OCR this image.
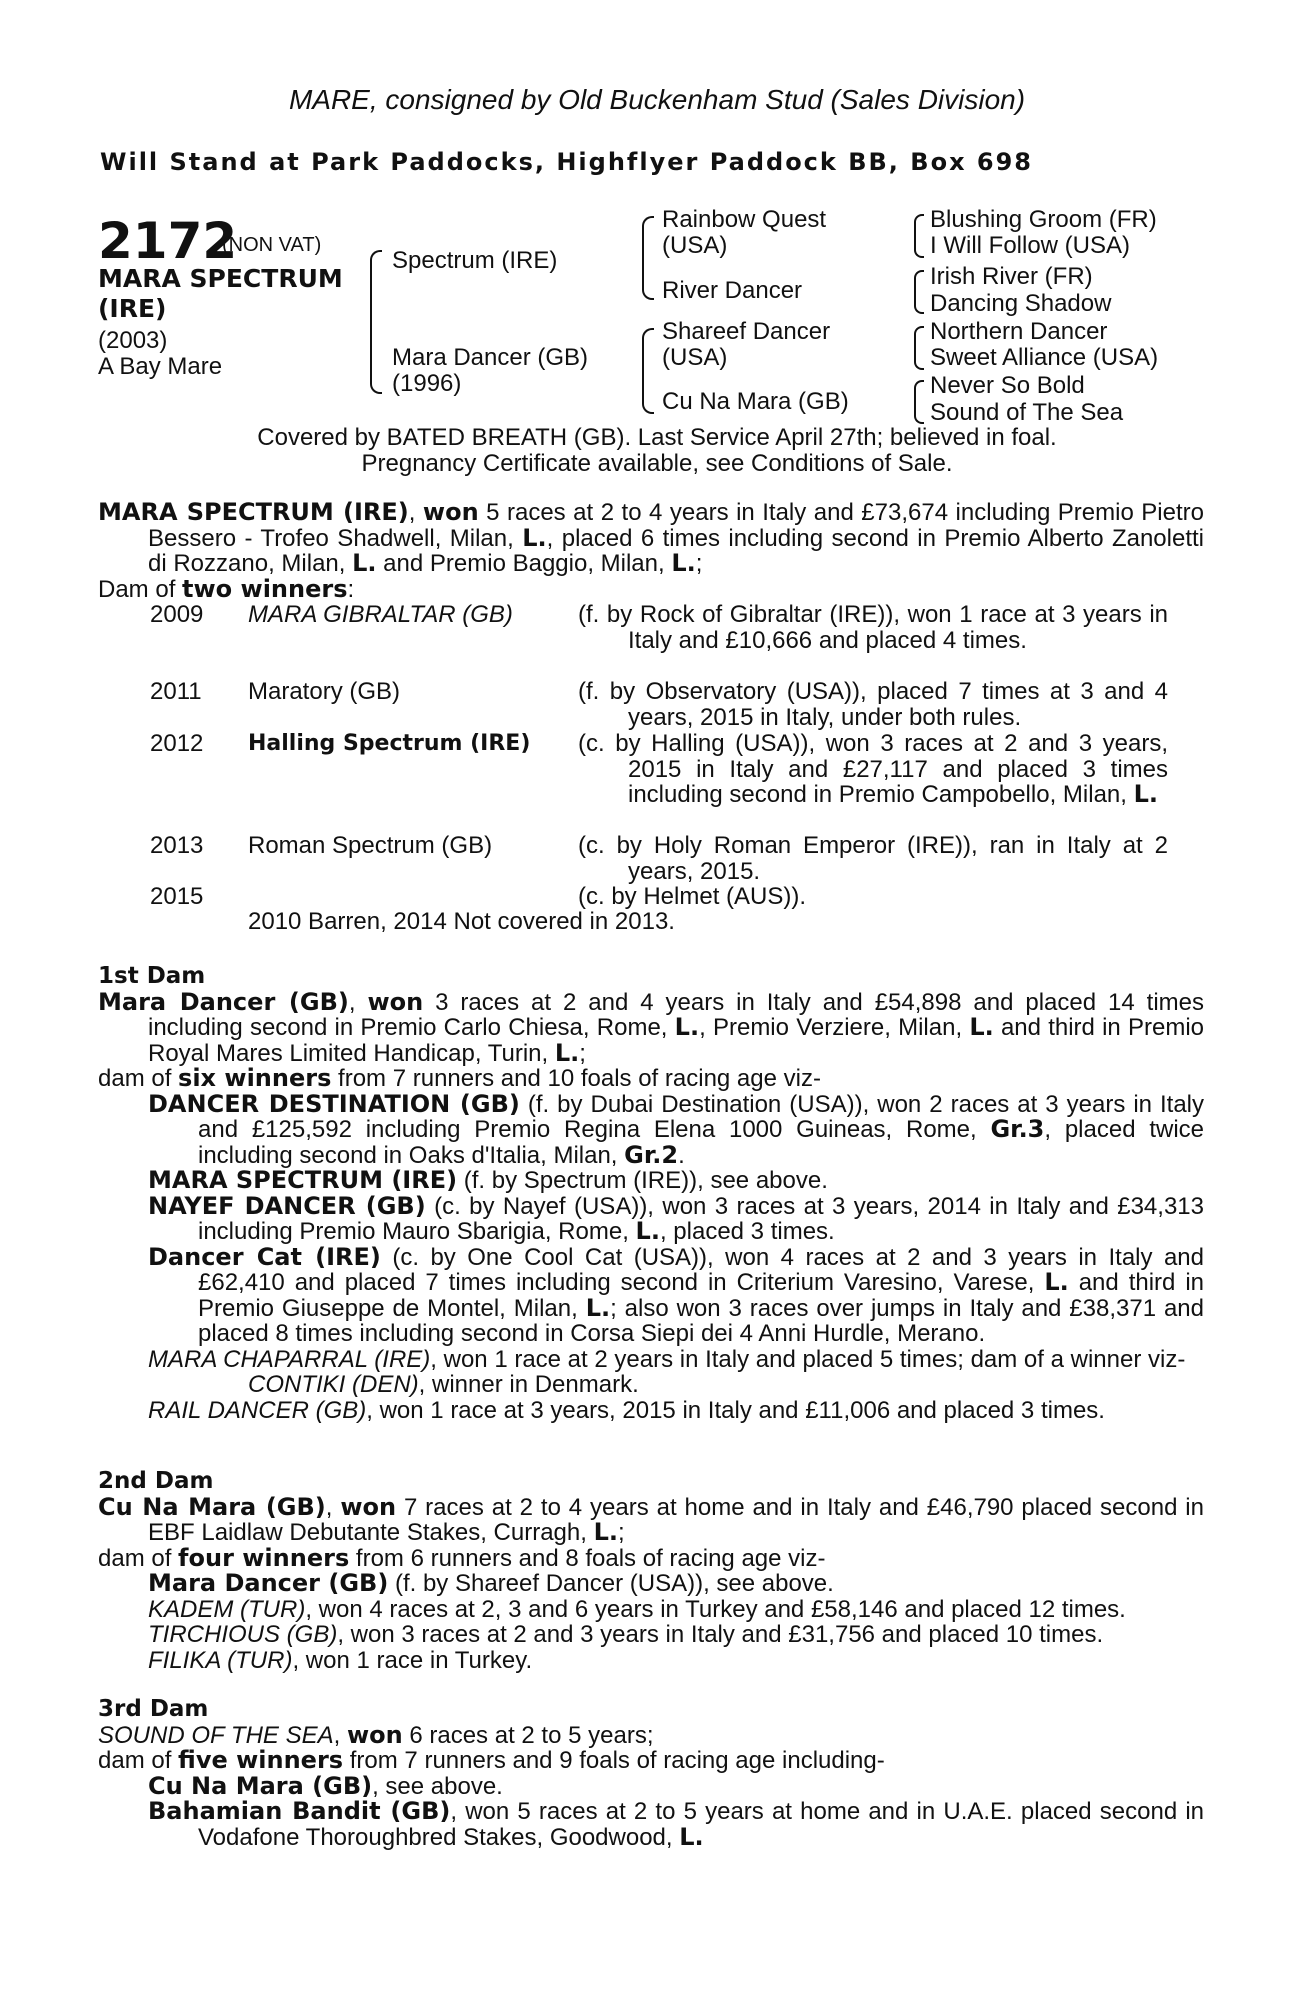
MARE, consigned by Old Buckenham Stud (Sales Division)
Will Stand at Park Paddocks, Highflyer Paddock BB, Box 698
2172
(NON VAT)
MARA SPECTRUM
(IRE)
(2003)
A Bay Mare
Spectrum (IRE)
Mara Dancer (GB)
(1996)
Rainbow Quest
(USA)
River Dancer
Shareef Dancer
(USA)
Cu Na Mara (GB)
Blushing Groom (FR)
I Will Follow (USA)
Irish River (FR)
Dancing Shadow
Northern Dancer
Sweet Alliance (USA)
Never So Bold
Sound of The Sea
Covered by BATED BREATH (GB). Last Service April 27th; believed in foal.
Pregnancy Certificate available, see Conditions of Sale.

MARA SPECTRUM (IRE), won 5 races at 2 to 4 years in Italy and £73,674 including Premio Pietro Bessero - Trofeo Shadwell, Milan, L., placed 6 times including second in Premio Alberto Zanoletti di Rozzano, Milan, L. and Premio Baggio, Milan, L.;

Dam of two winners:

2009 MARA GIBRALTAR (GB)	(f. by Rock of Gibraltar (IRE)), won 1 race at 3 years in Italy and £10,666 and placed 4 times.
2011 Maratory (GB)	(f. by Observatory (USA)), placed 7 times at 3 and 4 years, 2015 in Italy, under both rules.
2012 Halling Spectrum (IRE)	(c. by Halling (USA)), won 3 races at 2 and 3 years, 2015 in Italy and £27,117 and placed 3 times including second in Premio Campobello, Milan, L.
2013 Roman Spectrum (GB)	(c. by Holy Roman Emperor (IRE)), ran in Italy at 2 years, 2015.
2015	(c. by Helmet (AUS)).
2010 Barren, 2014 Not covered in 2013.
1st Dam

Mara Dancer (GB), won 3 races at 2 and 4 years in Italy and £54,898 and placed 14 times including second in Premio Carlo Chiesa, Rome, L., Premio Verziere, Milan, L. and third in Premio Royal Mares Limited Handicap, Turin, L.;

dam of six winners from 7 runners and 10 foals of racing age viz-

DANCER DESTINATION (GB) (f. by Dubai Destination (USA)), won 2 races at 3 years in Italy and £125,592 including Premio Regina Elena 1000 Guineas, Rome, Gr.3, placed twice including second in Oaks d'Italia, Milan, Gr.2.

MARA SPECTRUM (IRE) (f. by Spectrum (IRE)), see above.

NAYEF DANCER (GB) (c. by Nayef (USA)), won 3 races at 3 years, 2014 in Italy and £34,313 including Premio Mauro Sbarigia, Rome, L., placed 3 times.

Dancer Cat (IRE) (c. by One Cool Cat (USA)), won 4 races at 2 and 3 years in Italy and £62,410 and placed 7 times including second in Criterium Varesino, Varese, L. and third in Premio Giuseppe de Montel, Milan, L.; also won 3 races over jumps in Italy and £38,371 and placed 8 times including second in Corsa Siepi dei 4 Anni Hurdle, Merano.

MARA CHAPARRAL (IRE), won 1 race at 2 years in Italy and placed 5 times; dam of a winner viz-

CONTIKI (DEN), winner in Denmark.

RAIL DANCER (GB), won 1 race at 3 years, 2015 in Italy and £11,006 and placed 3 times.

2nd Dam

Cu Na Mara (GB), won 7 races at 2 to 4 years at home and in Italy and £46,790 placed second in EBF Laidlaw Debutante Stakes, Curragh, L.;

dam of four winners from 6 runners and 8 foals of racing age viz-

Mara Dancer (GB) (f. by Shareef Dancer (USA)), see above.

KADEM (TUR), won 4 races at 2, 3 and 6 years in Turkey and £58,146 and placed 12 times.

TIRCHIOUS (GB), won 3 races at 2 and 3 years in Italy and £31,756 and placed 10 times.

FILIKA (TUR), won 1 race in Turkey.

3rd Dam

SOUND OF THE SEA, won 6 races at 2 to 5 years;

dam of five winners from 7 runners and 9 foals of racing age including-

Cu Na Mara (GB), see above.

Bahamian Bandit (GB), won 5 races at 2 to 5 years at home and in U.A.E. placed second in Vodafone Thoroughbred Stakes, Goodwood, L.
